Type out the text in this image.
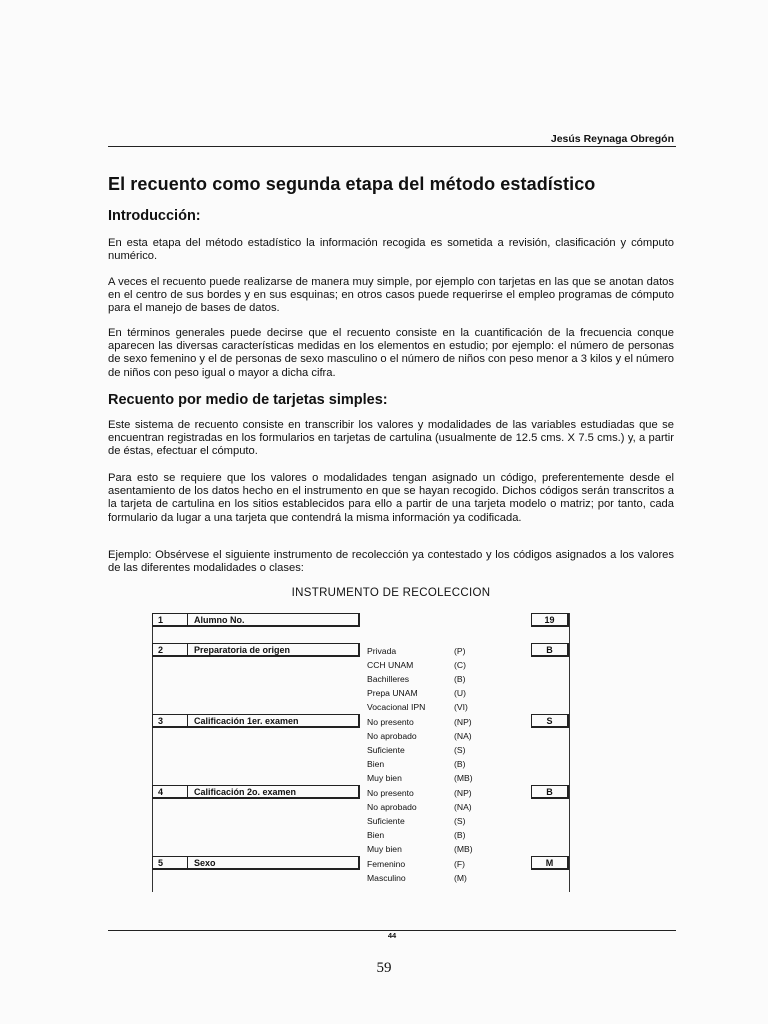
Jesús Reynaga Obregón
El recuento como segunda etapa del método estadístico
Introducción:

En esta etapa del método estadístico la información recogida es sometida a revisión, clasificación y cómputo numérico.

A veces el recuento puede realizarse de manera muy simple, por ejemplo con tarjetas en las que se anotan datos en el centro de sus bordes y en sus esquinas; en otros casos puede requerirse el empleo programas de cómputo para el manejo de bases de datos.

En términos generales puede decirse que el recuento consiste en la cuantificación de la frecuencia conque aparecen las diversas características medidas en los elementos en estudio; por ejemplo: el número de personas de sexo femenino y el de personas de sexo masculino o el número de niños con peso menor a 3 kilos y el número de niños con peso igual o mayor a dicha cifra.

Recuento por medio de tarjetas simples:

Este sistema de recuento consiste en transcribir los valores y modalidades de las variables estudiadas que se encuentran registradas en los formularios en tarjetas de cartulina (usualmente de 12.5 cms. X 7.5 cms.) y, a partir de éstas, efectuar el cómputo.

Para esto se requiere que los valores o modalidades tengan asignado un código, preferentemente desde el asentamiento de los datos hecho en el instrumento en que se hayan recogido. Dichos códigos serán transcritos a la tarjeta de cartulina en los sitios establecidos para ello a partir de una tarjeta modelo o matriz; por tanto, cada formulario da lugar a una tarjeta que contendrá la misma información ya codificada.

Ejemplo: Obsérvese el siguiente instrumento de recolección ya contestado y los códigos asignados a los valores de las diferentes modalidades o clases:

INSTRUMENTO DE RECOLECCION
1	Alumno No.	19
2	Preparatoria de origen	B
Privada	(P)
CCH UNAM	(C)
Bachilleres	(B)
Prepa UNAM	(U)
Vocacional IPN	(VI)
3	Calificación 1er. examen	S
No presento	(NP)
No aprobado	(NA)
Suficiente	(S)
Bien	(B)
Muy bien	(MB)
4	Calificación 2o. examen	B
No presento	(NP)
No aprobado	(NA)
Suficiente	(S)
Bien	(B)
Muy bien	(MB)
5	Sexo	M
Femenino	(F)
Masculino	(M)
44
59
